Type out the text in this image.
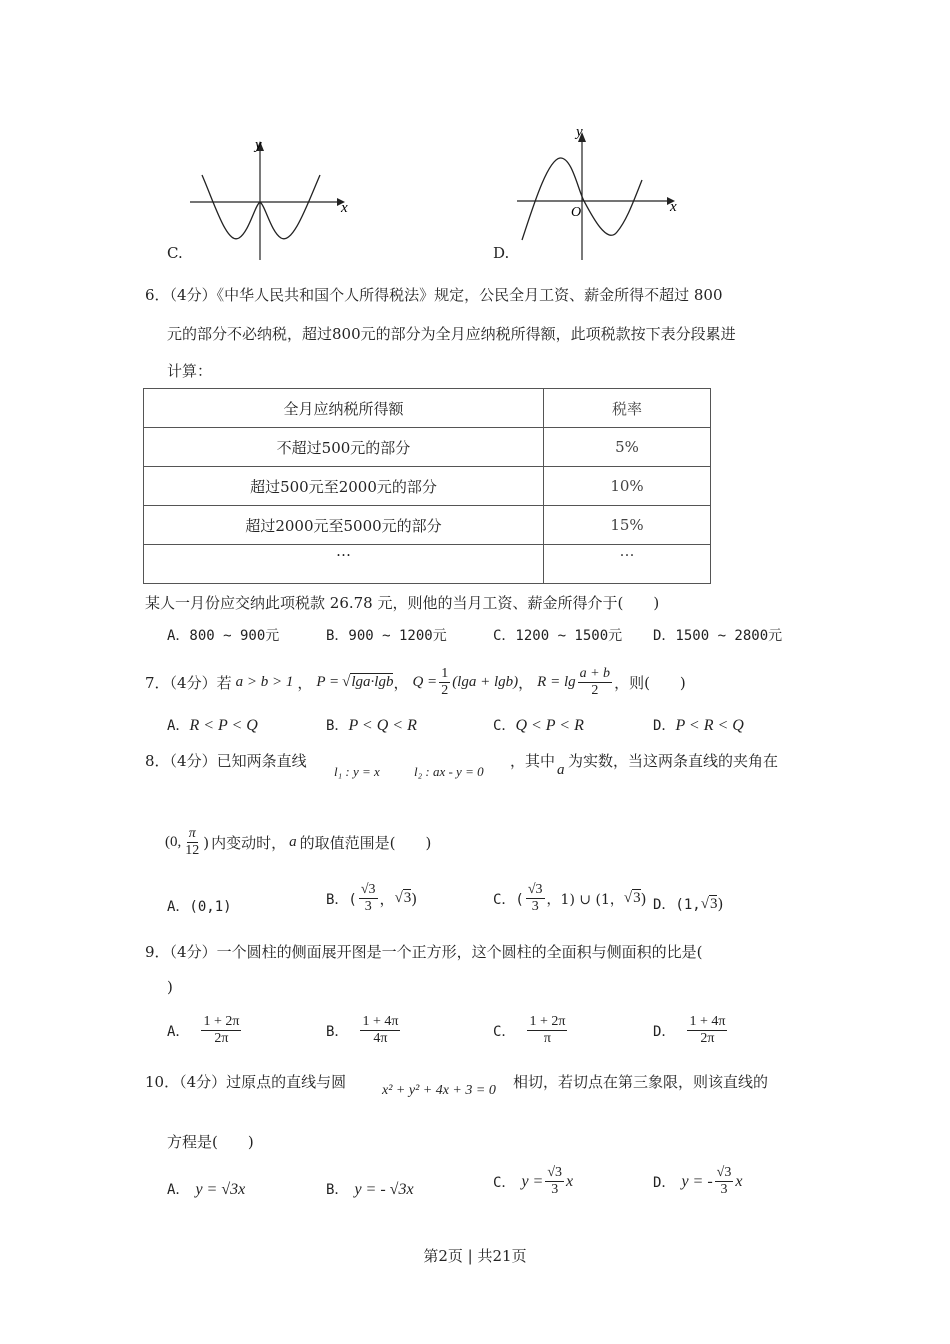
y
x
C.
y
x
O
D.
6．（4分）《中华人民共和国个人所得税法》规定，公民全月工资、薪金所得不超过 800
元的部分不必纳税，超过800元的部分为全月应纳税所得额，此项税款按下表分段累进
计算：
全月应纳税所得额	税率
不超过500元的部分	5%
超过500元至2000元的部分	10%
超过2000元至5000元的部分	15%
…	…
某人一月份应交纳此项税款 26.78 元，则他的当月工资、薪金所得介于(　　)
A．800 ~ 900元	B．900 ~ 1200元	C．1200 ~ 1500元 D．1500 ~ 2800元
7．（4分）若 a > b > 1 ， P = √lga·lgb ， $Q = \frac{1}{2} (\lg a + \lg b)$ ， $R = \lg \frac{a + b}{2}$ ，则(　　)
A．R < P < Q	B．P < Q < R	C．Q < P < R	D．P < R < Q
8．（4分）已知两条直线
l₁ : y = x	l₂ : ax - y = 0
，其中 a 为实数，当这两条直线的夹角在
(0, $\frac{\pi}{12}$ ) 内变动时， a 的取值范围是(　　)
A．(0,1)	B．( $\frac{√3}{3}$ ， √3 )	C．( $\frac{√3}{3}$ ，1) ∪ (1， √3 ) D．(1, √3 )
9．（4分）一个圆柱的侧面展开图是一个正方形，这个圆柱的全面积与侧面积的比是(
)
A． $\frac{1 + 2\pi}{2\pi}$	B． $\frac{1 + 4\pi}{4\pi}$	C． $\frac{1 + 2\pi}{\pi}$	D． $\frac{1 + 4\pi}{2\pi}$
10．（4分）过原点的直线与圆	x² + y² + 4x + 3 = 0 相切，若切点在第三象限，则该直线的
方程是(　　)
A． y = √3x	B． y = - √3x	C． $y = \frac{√3}{3}$ x	D． y = - $\frac{√3}{3}$ x
第2页 | 共21页
